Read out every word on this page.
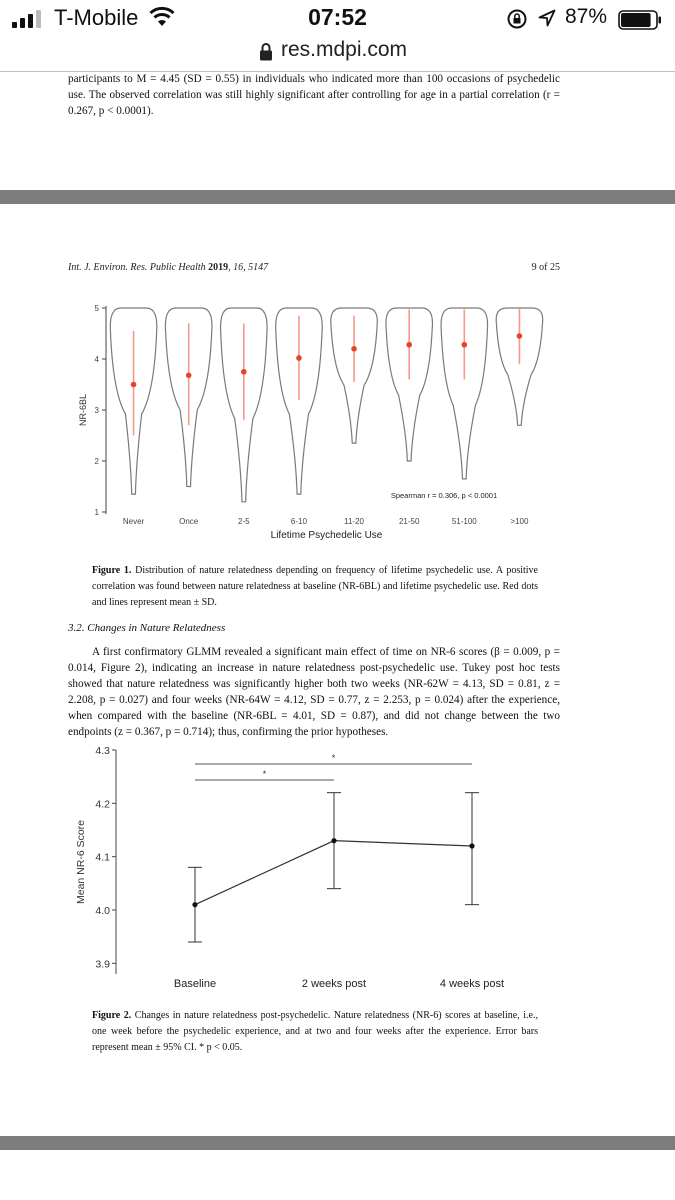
T-Mobile	07:52	87%
res.mdpi.com
participants to M = 4.45 (SD = 0.55) in individuals who indicated more than 100 occasions of psychedelic use. The observed correlation was still highly significant after controlling for age in a partial correlation (r = 0.267, p < 0.0001).
Int. J. Environ. Res. Public Health 2019, 16, 5147	9 of 25
1
2
3
4
5
NR-6BL
Never	Once	2-5	6-10	11-20	21-50	51-100	>100
Lifetime Psychedelic Use
Spearman r = 0.306, p < 0.0001
Figure 1. Distribution of nature relatedness depending on frequency of lifetime psychedelic use. A positive correlation was found between nature relatedness at baseline (NR-6BL) and lifetime psychedelic use. Red dots and lines represent mean ± SD.
3.2. Changes in Nature Relatedness

A first confirmatory GLMM revealed a significant main effect of time on NR-6 scores (β = 0.009, p = 0.014, Figure 2), indicating an increase in nature relatedness post-psychedelic use. Tukey post hoc tests showed that nature relatedness was significantly higher both two weeks (NR-62W = 4.13, SD = 0.81, z = 2.208, p = 0.027) and four weeks (NR-64W = 4.12, SD = 0.77, z = 2.253, p = 0.024) after the experience, when compared with the baseline (NR-6BL = 4.01, SD = 0.87), and did not change between the two endpoints (z = 0.367, p = 0.714); thus, confirming the prior hypotheses.

3.9
4.0
4.1
4.2
4.3
Mean NR-6 Score
*
*
Baseline	2 weeks post	4 weeks post
Figure 2. Changes in nature relatedness post-psychedelic. Nature relatedness (NR-6) scores at baseline, i.e., one week before the psychedelic experience, and at two and four weeks after the experience. Error bars represent mean ± 95% CI. * p < 0.05.
